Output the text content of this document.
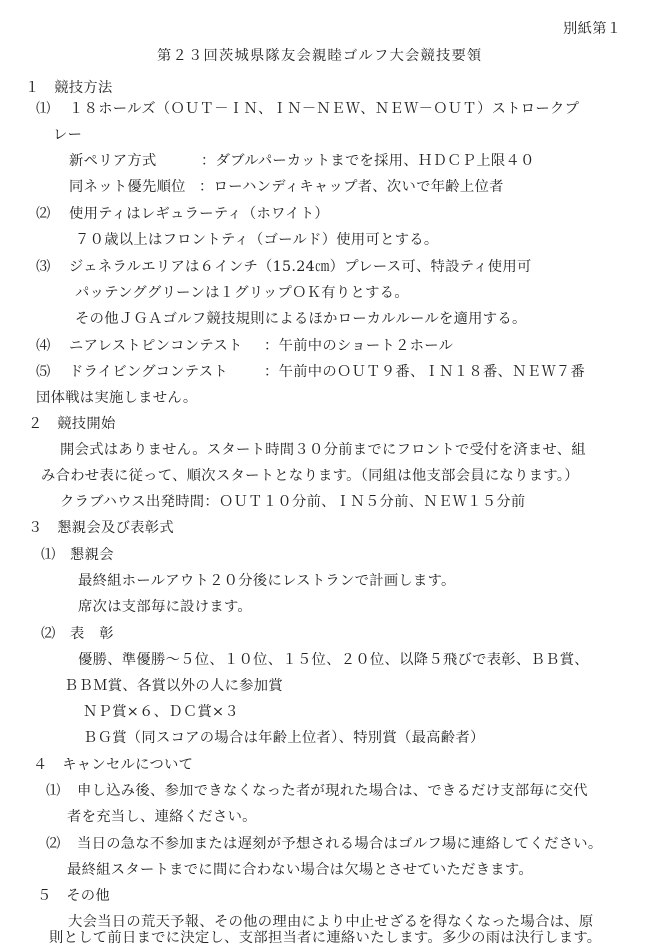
別紙第１
第２３回茨城県隊友会親睦ゴルフ大会競技要領
１　競技方法
⑴ １８ホールズ（ＯＵＴ－ＩＮ、ＩＮ－ＮＥＷ、ＮＥＷ－ＯＵＴ）ストロークプ
レー
新ペリア方式	：ダブルパーカットまでを採用、ＨＤＣＰ上限４０
同ネット優先順位 ：ローハンディキャップ者、次いで年齢上位者
⑵ 使用ティはレギュラーティ（ホワイト）
７０歳以上はフロントティ（ゴールド）使用可とする。
⑶ ジェネラルエリアは６インチ（15.24㎝）プレース可、特設ティ使用可
パッテンググリーンは１グリップＯＫ有りとする。
その他ＪＧＡゴルフ競技規則によるほかローカルルールを適用する。
⑷ ニアレストピンコンテスト ：午前中のショート２ホール
⑸ ドライビングコンテスト	：午前中のＯＵＴ９番、ＩＮ１８番、ＮＥＷ７番
団体戦は実施しません。
２　競技開始
開会式はありません。スタート時間３０分前までにフロントで受付を済ませ、組
み合わせ表に従って、順次スタートとなります。（同組は他支部会員になります。）
クラブハウス出発時間：ＯＵＴ１０分前、ＩＮ５分前、ＮＥＷ１５分前
３　懇親会及び表彰式
⑴ 懇親会
最終組ホールアウト２０分後にレストランで計画します。
席次は支部毎に設けます。
⑵ 表　彰
優勝、準優勝～５位、１０位、１５位、２０位、以降５飛びで表彰、ＢＢ賞、
ＢＢＭ賞、各賞以外の人に参加賞
ＮＰ賞×６、ＤＣ賞×３
ＢＧ賞（同スコアの場合は年齢上位者）、特別賞（最高齢者）
４　キャンセルについて
⑴ 申し込み後、参加できなくなった者が現れた場合は、できるだけ支部毎に交代
者を充当し、連絡ください。
⑵ 当日の急な不参加または遅刻が予想される場合はゴルフ場に連絡してください。
最終組スタートまでに間に合わない場合は欠場とさせていただきます。
５　その他
大会当日の荒天予報、その他の理由により中止せざるを得なくなった場合は、原
則として前日までに決定し、支部担当者に連絡いたします。多少の雨は決行します。
